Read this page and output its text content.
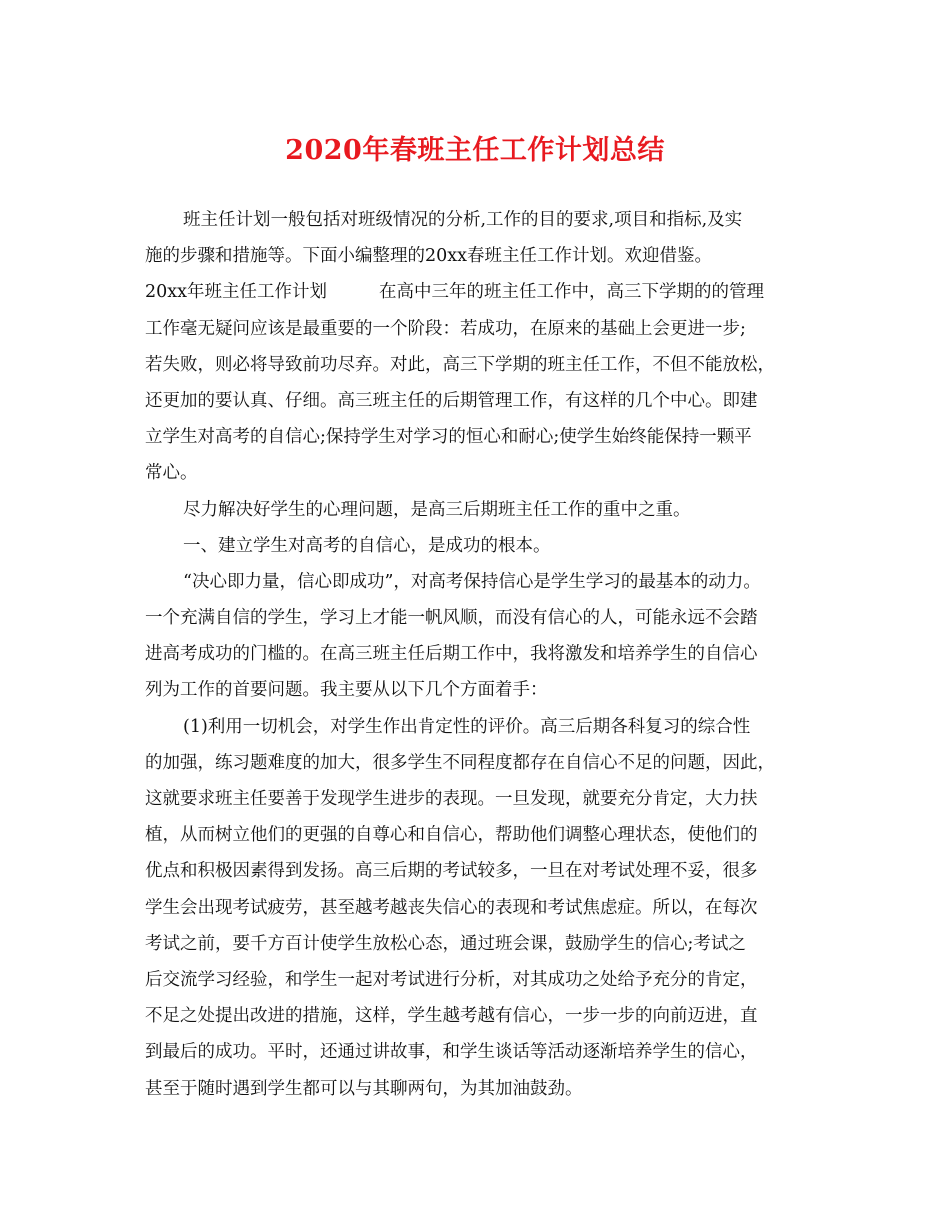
2020年春班主任工作计划总结
班主任计划一般包括对班级情况的分析,工作的目的要求,项目和指标,及实
施的步骤和措施等。下面小编整理的20xx春班主任工作计划。欢迎借鉴。
20xx年班主任工作计划	在高中三年的班主任工作中，高三下学期的的管理
工作毫无疑问应该是最重要的一个阶段：若成功，在原来的基础上会更进一步;
若失败，则必将导致前功尽弃。对此，高三下学期的班主任工作，不但不能放松，
还更加的要认真、仔细。高三班主任的后期管理工作，有这样的几个中心。即建
立学生对高考的自信心;保持学生对学习的恒心和耐心;使学生始终能保持一颗平
常心。
尽力解决好学生的心理问题，是高三后期班主任工作的重中之重。
一、建立学生对高考的自信心，是成功的根本。
“决心即力量，信心即成功”，对高考保持信心是学生学习的最基本的动力。
一个充满自信的学生，学习上才能一帆风顺，而没有信心的人，可能永远不会踏
进高考成功的门槛的。在高三班主任后期工作中，我将激发和培养学生的自信心
列为工作的首要问题。我主要从以下几个方面着手：
(1)利用一切机会，对学生作出肯定性的评价。高三后期各科复习的综合性
的加强，练习题难度的加大，很多学生不同程度都存在自信心不足的问题，因此，
这就要求班主任要善于发现学生进步的表现。一旦发现，就要充分肯定，大力扶
植，从而树立他们的更强的自尊心和自信心，帮助他们调整心理状态，使他们的
优点和积极因素得到发扬。高三后期的考试较多，一旦在对考试处理不妥，很多
学生会出现考试疲劳，甚至越考越丧失信心的表现和考试焦虑症。所以，在每次
考试之前，要千方百计使学生放松心态，通过班会课，鼓励学生的信心;考试之
后交流学习经验，和学生一起对考试进行分析，对其成功之处给予充分的肯定，
不足之处提出改进的措施，这样，学生越考越有信心，一步一步的向前迈进，直
到最后的成功。平时，还通过讲故事，和学生谈话等活动逐渐培养学生的信心，
甚至于随时遇到学生都可以与其聊两句，为其加油鼓劲。
